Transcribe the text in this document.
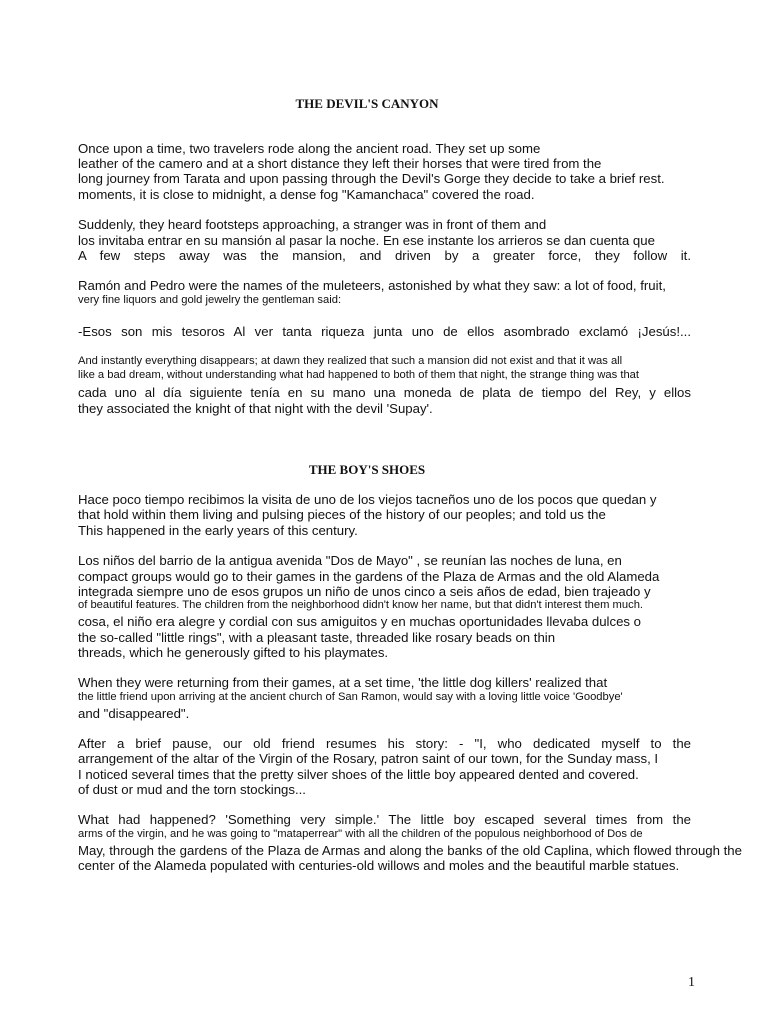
THE DEVIL'S CANYON
Once upon a time, two travelers rode along the ancient road. They set up some
leather of the camero and at a short distance they left their horses that were tired from the
long journey from Tarata and upon passing through the Devil's Gorge they decide to take a brief rest.
moments, it is close to midnight, a dense fog "Kamanchaca" covered the road.
Suddenly, they heard footsteps approaching, a stranger was in front of them and
los invitaba entrar en su mansión al pasar la noche. En ese instante los arrieros se dan cuenta que
A few steps away was the mansion, and driven by a greater force, they follow it.
Ramón and Pedro were the names of the muleteers, astonished by what they saw: a lot of food, fruit,
very fine liquors and gold jewelry the gentleman said:
-Esos son mis tesoros Al ver tanta riqueza junta uno de ellos asombrado exclamó ¡Jesús!...
And instantly everything disappears; at dawn they realized that such a mansion did not exist and that it was all
like a bad dream, without understanding what had happened to both of them that night, the strange thing was that
cada uno al día siguiente tenía en su mano una moneda de plata de tiempo del Rey, y ellos
they associated the knight of that night with the devil 'Supay'.
THE BOY'S SHOES
Hace poco tiempo recibimos la visita de uno de los viejos tacneños uno de los pocos que quedan y
that hold within them living and pulsing pieces of the history of our peoples; and told us the
This happened in the early years of this century.
Los niños del barrio de la antigua avenida "Dos de Mayo" , se reunían las noches de luna, en
compact groups would go to their games in the gardens of the Plaza de Armas and the old Alameda
integrada siempre uno de esos grupos un niño de unos cinco a seis años de edad, bien trajeado y
of beautiful features. The children from the neighborhood didn't know her name, but that didn't interest them much.
cosa, el niño era alegre y cordial con sus amiguitos y en muchas oportunidades llevaba dulces o
the so-called "little rings", with a pleasant taste, threaded like rosary beads on thin
threads, which he generously gifted to his playmates.
When they were returning from their games, at a set time, 'the little dog killers' realized that
the little friend upon arriving at the ancient church of San Ramon, would say with a loving little voice 'Goodbye'
and "disappeared".
After a brief pause, our old friend resumes his story: - "I, who dedicated myself to the
arrangement of the altar of the Virgin of the Rosary, patron saint of our town, for the Sunday mass, I
I noticed several times that the pretty silver shoes of the little boy appeared dented and covered.
of dust or mud and the torn stockings...
What had happened? 'Something very simple.' The little boy escaped several times from the
arms of the virgin, and he was going to "mataperrear" with all the children of the populous neighborhood of Dos de
May, through the gardens of the Plaza de Armas and along the banks of the old Caplina, which flowed through the
center of the Alameda populated with centuries-old willows and moles and the beautiful marble statues.
1
